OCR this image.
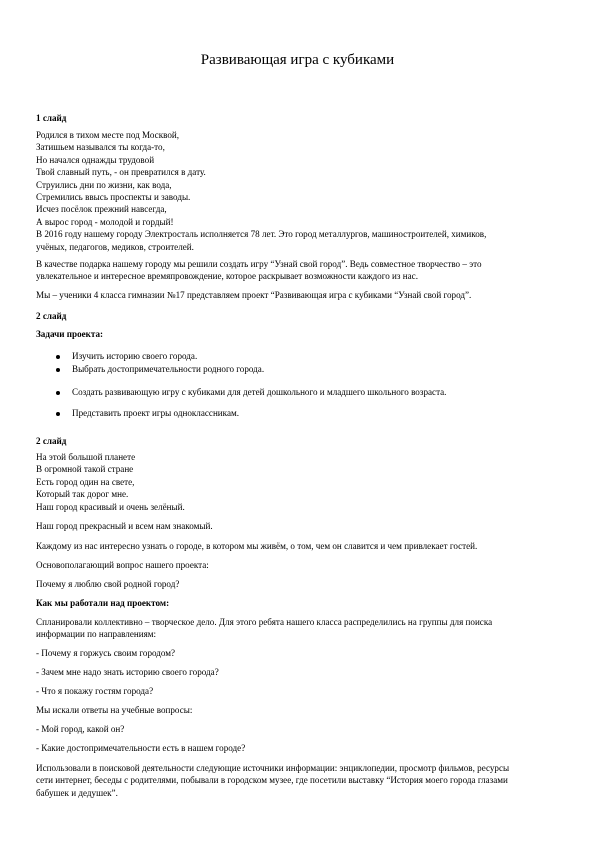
Развивающая игра с кубиками
1 слайд
Родился в тихом месте под Москвой,
Затишьем назывался ты когда-то,
Но начался однажды трудовой
Твой славный путь, - он превратился в дату.
Струились дни по жизни, как вода,
Стремились ввысь проспекты и заводы.
Исчез посёлок прежний навсегда,
А вырос город - молодой и гордый!
В 2016 году нашему городу Электросталь исполняется 78 лет. Это город металлургов, машиностроителей, химиков,
учёных, педагогов, медиков, строителей.
В качестве подарка нашему городу мы решили создать игру “Узнай свой город”. Ведь совместное творчество – это
увлекательное и интересное времяпровождение, которое раскрывает возможности каждого из нас.
Мы – ученики 4 класса гимназии №17 представляем проект “Развивающая игра с кубиками “Узнай свой город”.
2 слайд
Задачи проекта:
Изучить историю своего города.
Выбрать достопримечательности родного города.
Создать развивающую игру с кубиками для детей дошкольного и младшего школьного возраста.
Представить проект игры одноклассникам.
2 слайд
На этой большой планете
В огромной такой стране
Есть город один на свете,
Который так дорог мне.
Наш город красивый и очень зелёный.
Наш город прекрасный и всем нам знакомый.
Каждому из нас интересно узнать о городе, в котором мы живём, о том, чем он славится и чем привлекает гостей.
Основополагающий вопрос нашего проекта:
Почему я люблю свой родной город?
Как мы работали над проектом:
Спланировали коллективно – творческое дело. Для этого ребята нашего класса распределились на группы для поиска
информации по направлениям:
- Почему я горжусь своим городом?
- Зачем мне надо знать историю своего города?
- Что я покажу гостям города?
Мы искали ответы на учебные вопросы:
- Мой город, какой он?
- Какие достопримечательности есть в нашем городе?
Использовали в поисковой деятельности следующие источники информации: энциклопедии, просмотр фильмов, ресурсы
сети интернет, беседы с родителями, побывали в городском музее, где посетили выставку “История моего города глазами
бабушек и дедушек”.
